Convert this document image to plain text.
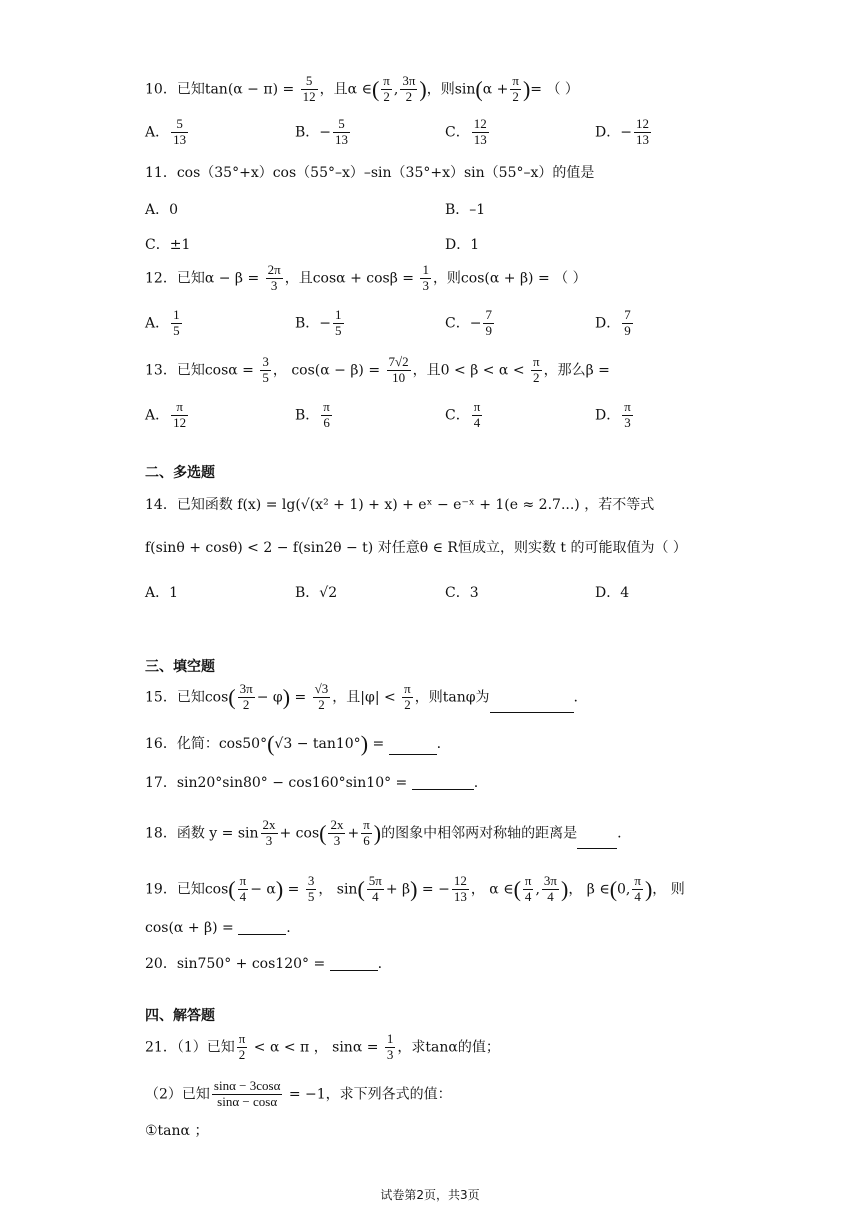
10．已知$\tan(\alpha - \pi) = \frac{5}{12}$ ，且α ∈( $\frac{\pi}{2}$ , $\frac{3\pi}{2}$ )，则$\sin(\alpha + \frac{\pi}{2}$ )= （ ）
A． $\frac{5}{13}$	B．− $\frac{5}{13}$	C． $\frac{12}{13}$	D．− $\frac{12}{13}$
11．cos（35°+x）cos（55°–x）–sin（35°+x）sin（55°–x）的值是
A．0	B．–1
C．±1	D．1
12．已知$\alpha - \beta = \frac{2\pi}{3}$ ，且$\cos\alpha + \cos\beta = \frac{1}{3}$ ，则cos(α + β) = （ ）
A． $\frac{1}{5}$	B．− $\frac{1}{5}$	C．− $\frac{7}{9}$	D． $\frac{7}{9}$
13．已知$\cos\alpha = \frac{3}{5}$ ， $\cos(\alpha - \beta) = \frac{7√2}{10}$ ，且$0 < \beta < \alpha < \frac{\pi}{2}$ ，那么β =
A． $\frac{\pi}{12}$	B． $\frac{\pi}{6}$	C． $\frac{\pi}{4}$	D． $\frac{\pi}{3}$
二、多选题
14．已知函数 f(x) = lg(√(x² + 1) + x) + eˣ − e⁻ˣ + 1(e ≈ 2.7...) ，若不等式
f(sinθ + cosθ) < 2 − f(sin2θ − t) 对任意θ ∈ R恒成立，则实数 t 的可能取值为（ ）
A．1	B．√2	C．3	D．4
三、填空题
15．已知$\cos( \frac{3\pi}{2} - \varphi) = \frac{√3}{2}$ ，且$|\varphi| < \frac{\pi}{2}$ ，则tanφ为	.
16．化简：cos50°(√3 − tan10°) =	.
17．sin20°sin80° − cos160°sin10° =	.
18．函数 $y = \sin \frac{2x}{3} + \cos( \frac{2x}{3} + \frac{\pi}{6}$ )的图象中相邻两对称轴的距离是	.
19．已知$\cos( \frac{\pi}{4} - \alpha) = \frac{3}{5}$ ， $\sin( \frac{5\pi}{4} + \beta)$ = − $\frac{12}{13}$ ， α ∈( $\frac{\pi}{4}$ , $\frac{3\pi}{4}$ )， β ∈(0, $\frac{\pi}{4}$ )， 则
cos(α + β) =	.
20．sin750° + cos120° =	.
四、解答题
21．（1）已知 $\frac{\pi}{2} < \alpha < \pi$ ， $\sin\alpha = \frac{1}{3}$ ，求tanα的值；
（2）已知 $\frac{\sin\alpha - 3\cos\alpha}{\sin\alpha - \cos\alpha} = -1$，求下列各式的值：
①tanα ；
试卷第2页，共3页
